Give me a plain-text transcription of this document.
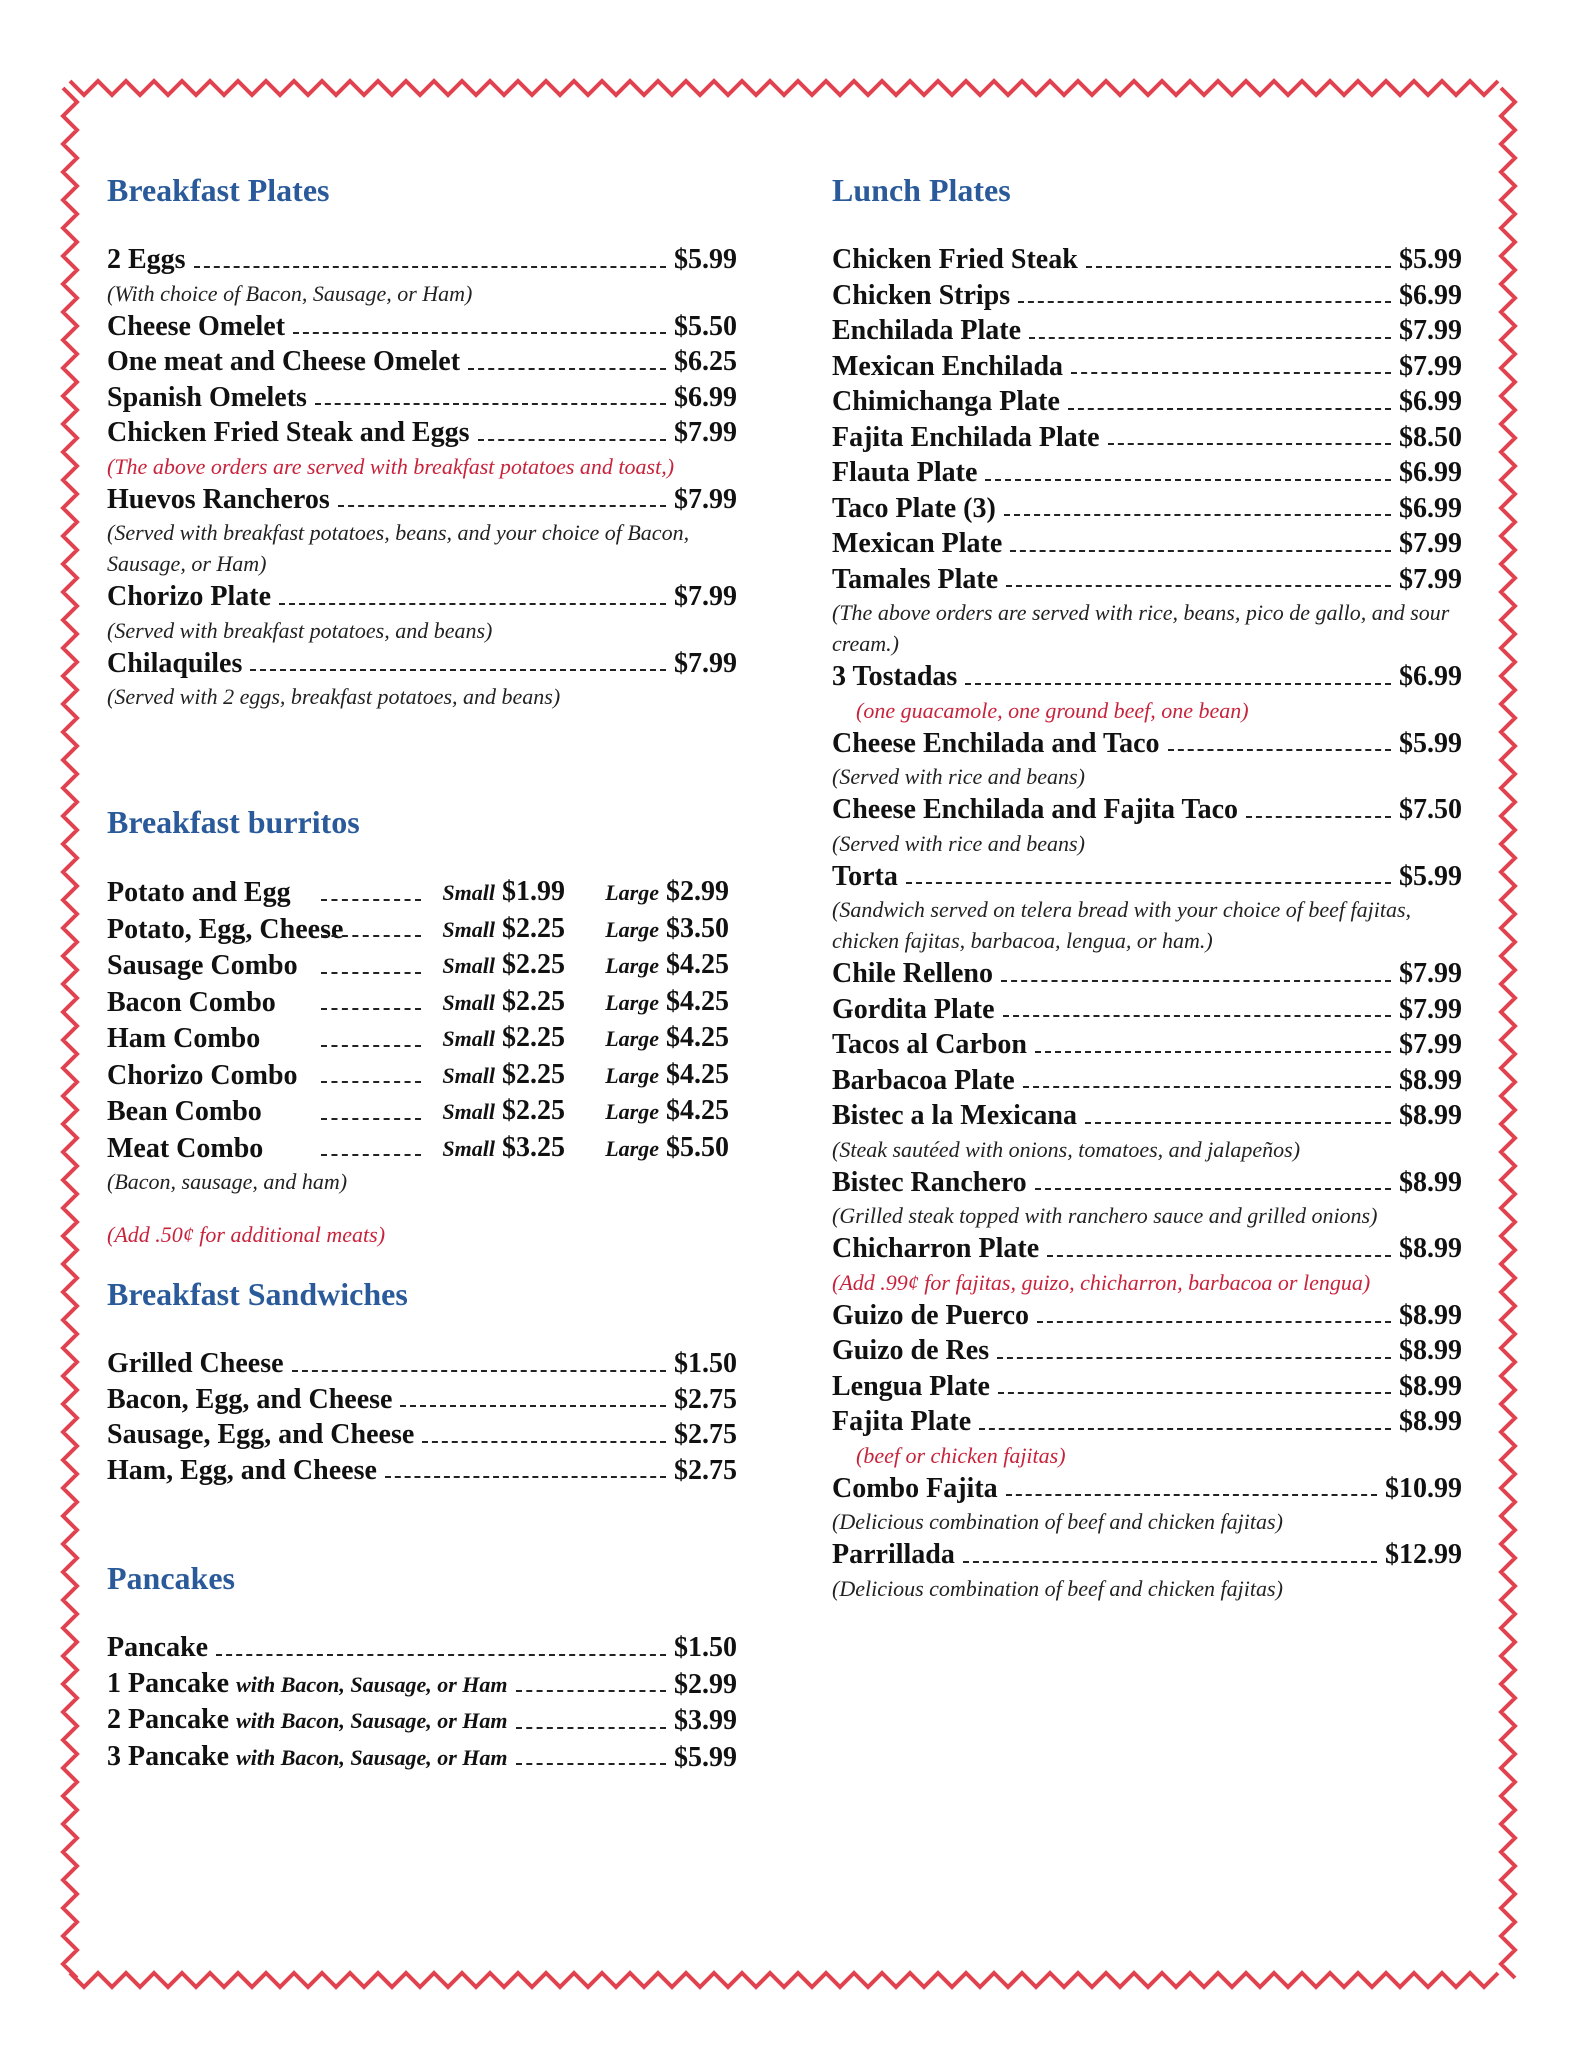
Breakfast Plates
2 Eggs	$5.99

(With choice of Bacon, Sausage, or Ham)

Cheese Omelet	$5.50
One meat and Cheese Omelet	$6.25
Spanish Omelets	$6.99
Chicken Fried Steak and Eggs	$7.99

(The above orders are served with breakfast potatoes and toast,)

Huevos Rancheros	$7.99

(Served with breakfast potatoes, beans, and your choice of Bacon, Sausage, or Ham)

Chorizo Plate	$7.99

(Served with breakfast potatoes, and beans)

Chilaquiles	$7.99

(Served with 2 eggs, breakfast potatoes, and beans)

Breakfast burritos
Potato and Egg	Small $1.99	Large $2.99
Potato, Egg, Cheese	Small $2.25	Large $3.50
Sausage Combo	Small $2.25	Large $4.25
Bacon Combo	Small $2.25	Large $4.25
Ham Combo	Small $2.25	Large $4.25
Chorizo Combo	Small $2.25	Large $4.25
Bean Combo	Small $2.25	Large $4.25
Meat Combo	Small $3.25	Large $5.50

(Bacon, sausage, and ham)

(Add .50¢ for additional meats)

Breakfast Sandwiches
Grilled Cheese	$1.50
Bacon, Egg, and Cheese	$2.75
Sausage, Egg, and Cheese	$2.75
Ham, Egg, and Cheese	$2.75
Pancakes
Pancake	$1.50
1 Pancake with Bacon, Sausage, or Ham	$2.99
2 Pancake with Bacon, Sausage, or Ham	$3.99
3 Pancake with Bacon, Sausage, or Ham	$5.99
Lunch Plates
Chicken Fried Steak	$5.99
Chicken Strips	$6.99
Enchilada Plate	$7.99
Mexican Enchilada	$7.99
Chimichanga Plate	$6.99
Fajita Enchilada Plate	$8.50
Flauta Plate	$6.99
Taco Plate (3)	$6.99
Mexican Plate	$7.99
Tamales Plate	$7.99

(The above orders are served with rice, beans, pico de gallo, and sour cream.)

3 Tostadas	$6.99

(one guacamole, one ground beef, one bean)

Cheese Enchilada and Taco	$5.99

(Served with rice and beans)

Cheese Enchilada and Fajita Taco	$7.50

(Served with rice and beans)

Torta	$5.99

(Sandwich served on telera bread with your choice of beef fajitas, chicken fajitas, barbacoa, lengua, or ham.)

Chile Relleno	$7.99
Gordita Plate	$7.99
Tacos al Carbon	$7.99
Barbacoa Plate	$8.99
Bistec a la Mexicana	$8.99

(Steak sautéed with onions, tomatoes, and jalapeños)

Bistec Ranchero	$8.99

(Grilled steak topped with ranchero sauce and grilled onions)

Chicharron Plate	$8.99

(Add .99¢ for fajitas, guizo, chicharron, barbacoa or lengua)

Guizo de Puerco	$8.99
Guizo de Res	$8.99
Lengua Plate	$8.99
Fajita Plate	$8.99

(beef or chicken fajitas)

Combo Fajita	$10.99

(Delicious combination of beef and chicken fajitas)

Parrillada	$12.99

(Delicious combination of beef and chicken fajitas)
